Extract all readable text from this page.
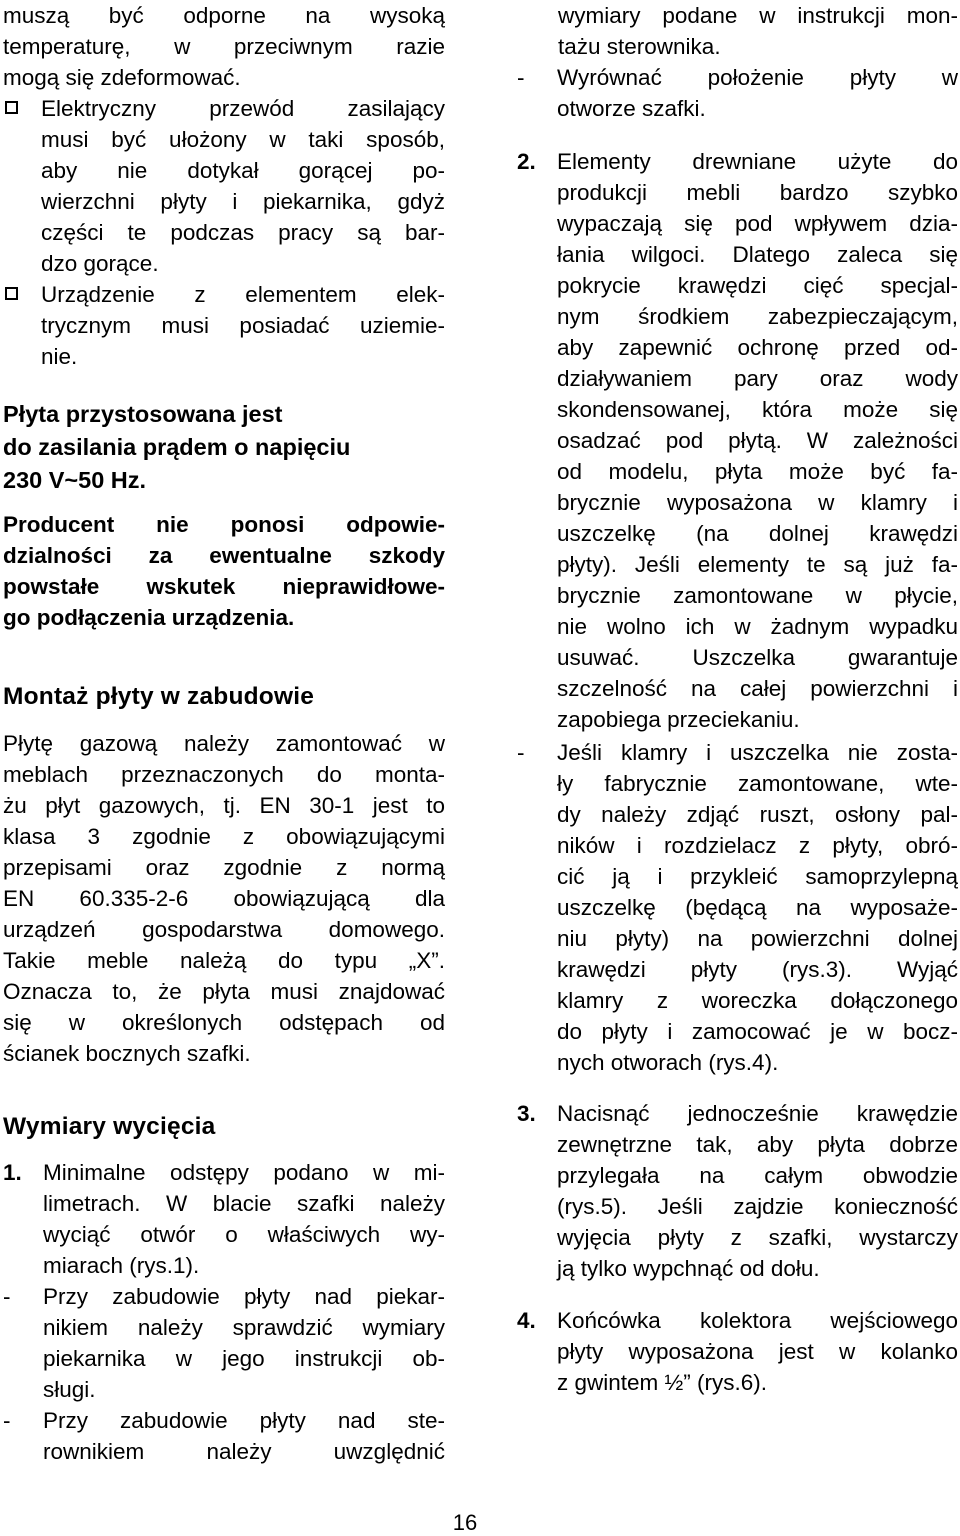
muszą być odporne na wysoką
temperaturę, w przeciwnym razie
mogą się zdeformować.
Elektryczny przewód zasilający
musi być ułożony w taki sposób,
aby nie dotykał gorącej po-
wierzchni płyty i piekarnika, gdyż
części te podczas pracy są bar-
dzo gorące.
Urządzenie z elementem elek-
trycznym musi posiadać uziemie-
nie.
Płyta przystosowana jest
do zasilania prądem o napięciu
230 V~50 Hz.
Producent nie ponosi odpowie-
dzialności za ewentualne szkody
powstałe wskutek nieprawidłowe-
go podłączenia urządzenia.
Montaż płyty w zabudowie
Płytę gazową należy zamontować w
meblach przeznaczonych do monta-
żu płyt gazowych, tj. EN 30-1 jest to
klasa 3 zgodnie z obowiązującymi
przepisami oraz zgodnie z normą
EN 60.335-2-6 obowiązującą dla
urządzeń gospodarstwa domowego.
Takie meble należą do typu „X”.
Oznacza to, że płyta musi znajdować
się w określonych odstępach od
ścianek bocznych szafki.
Wymiary wycięcia
1. Minimalne odstępy podano w mi-
limetrach. W blacie szafki należy
wyciąć otwór o właściwych wy-
miarach (rys.1).
- Przy zabudowie płyty nad piekar-
nikiem należy sprawdzić wymiary
piekarnika w jego instrukcji ob-
sługi.
- Przy zabudowie płyty nad ste-
rownikiem należy uwzględnić
wymiary podane w instrukcji mon-
tażu sterownika.
- Wyrównać położenie płyty w
otworze szafki.
2. Elementy drewniane użyte do
produkcji mebli bardzo szybko
wypaczają się pod wpływem dzia-
łania wilgoci. Dlatego zaleca się
pokrycie krawędzi cięć specjal-
nym środkiem zabezpieczającym,
aby zapewnić ochronę przed od-
działywaniem pary oraz wody
skondensowanej, która może się
osadzać pod płytą. W zależności
od modelu, płyta może być fa-
brycznie wyposażona w klamry i
uszczelkę (na dolnej krawędzi
płyty). Jeśli elementy te są już fa-
brycznie zamontowane w płycie,
nie wolno ich w żadnym wypadku
usuwać. Uszczelka gwarantuje
szczelność na całej powierzchni i
zapobiega przeciekaniu.
- Jeśli klamry i uszczelka nie zosta-
ły fabrycznie zamontowane, wte-
dy należy zdjąć ruszt, osłony pal-
ników i rozdzielacz z płyty, obró-
cić ją i przykleić samoprzylepną
uszczelkę (będącą na wyposaże-
niu płyty) na powierzchni dolnej
krawędzi płyty (rys.3). Wyjąć
klamry z woreczka dołączonego
do płyty i zamocować je w bocz-
nych otworach (rys.4).
3. Nacisnąć jednocześnie krawędzie
zewnętrzne tak, aby płyta dobrze
przylegała na całym obwodzie
(rys.5). Jeśli zajdzie konieczność
wyjęcia płyty z szafki, wystarczy
ją tylko wypchnąć od dołu.
4. Końcówka kolektora wejściowego
płyty wyposażona jest w kolanko
z gwintem ½” (rys.6).
16
